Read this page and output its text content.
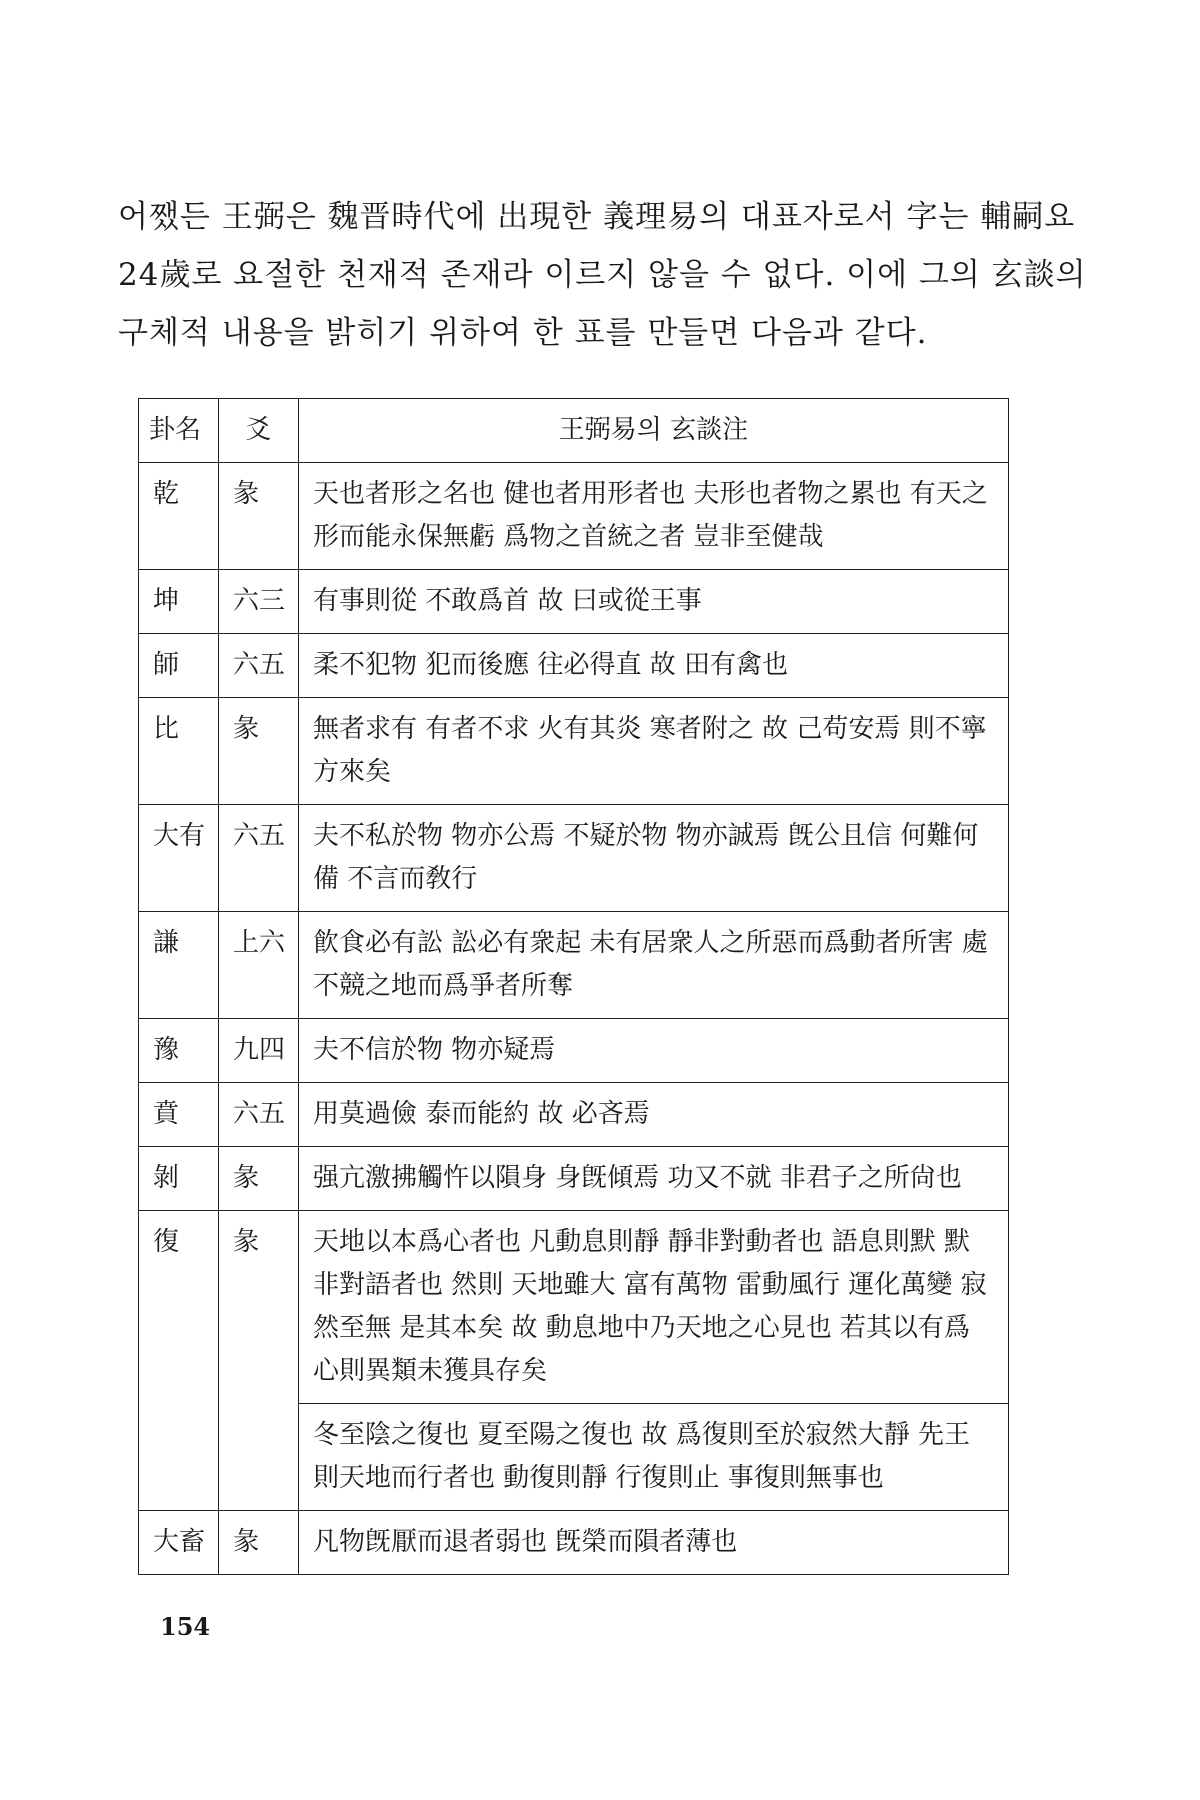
어쨌든 王弼은 魏晋時代에 出現한 義理易의 대표자로서 字는 輔嗣요

24歲로 요절한 천재적 존재라 이르지 않을 수 없다. 이에 그의 玄談의

구체적 내용을 밝히기 위하여 한 표를 만들면 다음과 같다.

卦名	爻	王弼易의 玄談注
乾	彖	天也者形之名也 健也者用形者也 夫形也者物之累也 有天之形而能永保無虧 爲物之首統之者 豈非至健哉
坤	六三	有事則從 不敢爲首 故 曰或從王事
師	六五	柔不犯物 犯而後應 往必得直 故 田有禽也
比	彖	無者求有 有者不求 火有其炎 寒者附之 故 己苟安焉 則不寧方來矣
大有	六五	夫不私於物 物亦公焉 不疑於物 物亦誠焉 旣公且信 何難何備 不言而敎行
謙	上六	飮食必有訟 訟必有衆起 未有居衆人之所惡而爲動者所害 處不競之地而爲爭者所奪
豫	九四	夫不信於物 物亦疑焉
賁	六五	用莫過儉 泰而能約 故 必吝焉
剝	彖	强亢激拂觸忤以隕身 身旣傾焉 功又不就 非君子之所尙也
復	彖	天地以本爲心者也 凡動息則靜 靜非對動者也 語息則默 默非對語者也 然則 天地雖大 富有萬物 雷動風行 運化萬變 寂然至無 是其本矣 故 動息地中乃天地之心見也 若其以有爲心則異類未獲具存矣
		冬至陰之復也 夏至陽之復也 故 爲復則至於寂然大靜 先王則天地而行者也 動復則靜 行復則止 事復則無事也
大畜	彖	凡物旣厭而退者弱也 旣榮而隕者薄也
154
